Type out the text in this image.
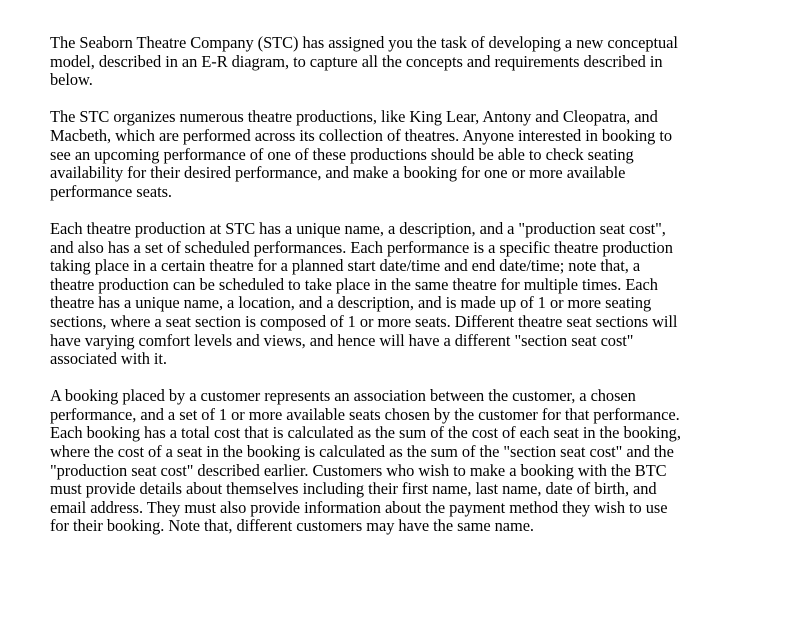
The Seaborn Theatre Company (STC) has assigned you the task of developing a new conceptual
model, described in an E-R diagram, to capture all the concepts and requirements described in
below.

The STC organizes numerous theatre productions, like King Lear, Antony and Cleopatra, and
Macbeth, which are performed across its collection of theatres. Anyone interested in booking to
see an upcoming performance of one of these productions should be able to check seating
availability for their desired performance, and make a booking for one or more available
performance seats.

Each theatre production at STC has a unique name, a description, and a "production seat cost",
and also has a set of scheduled performances. Each performance is a specific theatre production
taking place in a certain theatre for a planned start date/time and end date/time; note that, a
theatre production can be scheduled to take place in the same theatre for multiple times. Each
theatre has a unique name, a location, and a description, and is made up of 1 or more seating
sections, where a seat section is composed of 1 or more seats. Different theatre seat sections will
have varying comfort levels and views, and hence will have a different "section seat cost"
associated with it.

A booking placed by a customer represents an association between the customer, a chosen
performance, and a set of 1 or more available seats chosen by the customer for that performance.
Each booking has a total cost that is calculated as the sum of the cost of each seat in the booking,
where the cost of a seat in the booking is calculated as the sum of the "section seat cost" and the
"production seat cost" described earlier. Customers who wish to make a booking with the BTC
must provide details about themselves including their first name, last name, date of birth, and
email address. They must also provide information about the payment method they wish to use
for their booking. Note that, different customers may have the same name.
